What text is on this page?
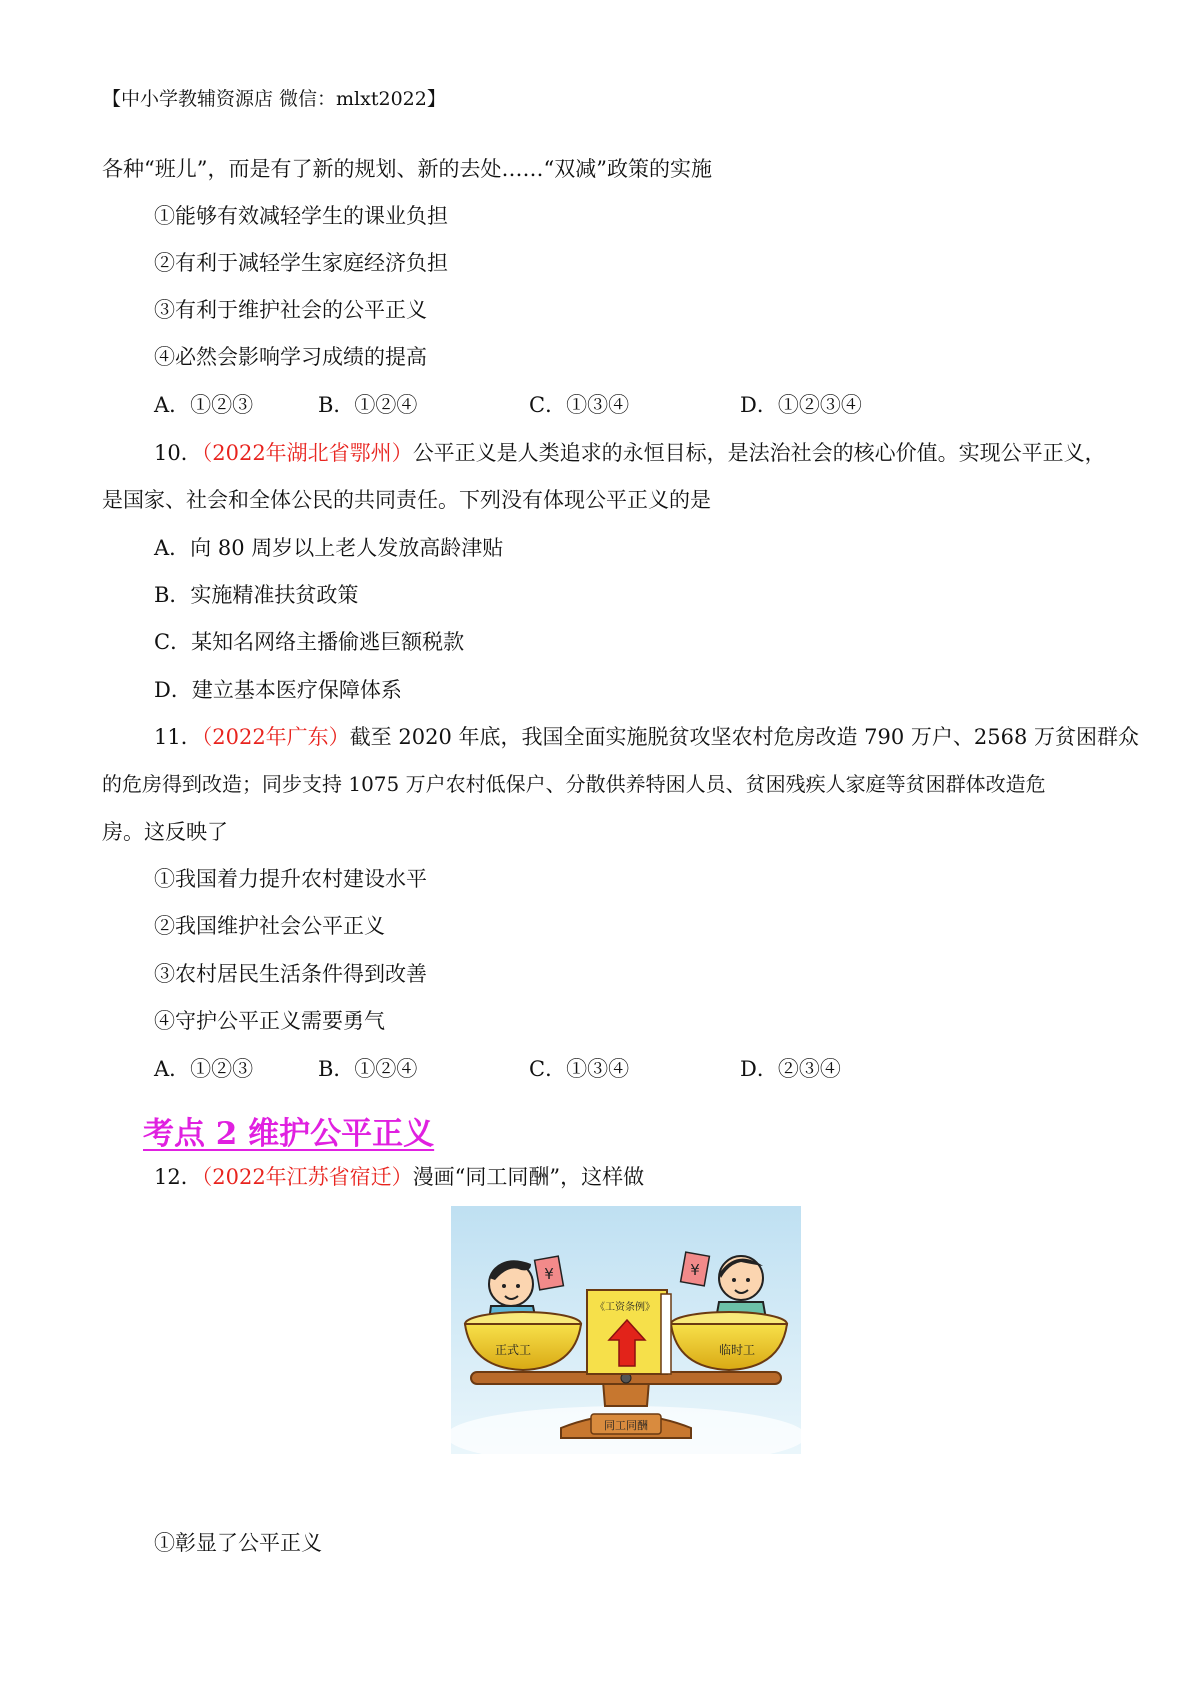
【中小学教辅资源店 微信：mlxt2022】
各种“班儿”，而是有了新的规划、新的去处……“双减”政策的实施
①能够有效减轻学生的课业负担
②有利于减轻学生家庭经济负担
③有利于维护社会的公平正义
④必然会影响学习成绩的提高
A．①②③	B．①②④	C．①③④	D．①②③④
10．（2022年湖北省鄂州）公平正义是人类追求的永恒目标，是法治社会的核心价值。实现公平正义，
是国家、社会和全体公民的共同责任。下列没有体现公平正义的是
A．向 80 周岁以上老人发放高龄津贴
B．实施精准扶贫政策
C．某知名网络主播偷逃巨额税款
D．建立基本医疗保障体系
11．（2022年广东）截至 2020 年底，我国全面实施脱贫攻坚农村危房改造 790 万户、2568 万贫困群众
的危房得到改造；同步支持 1075 万户农村低保户、分散供养特困人员、贫困残疾人家庭等贫困群体改造危
房。这反映了
①我国着力提升农村建设水平
②我国维护社会公平正义
③农村居民生活条件得到改善
④守护公平正义需要勇气
A．①②③	B．①②④	C．①③④	D．②③④
考点 2 维护公平正义
12．（2022年江苏省宿迁）漫画“同工同酬”，这样做
同工同酬
¥	¥
正式工	临时工
《工资条例》
①彰显了公平正义
